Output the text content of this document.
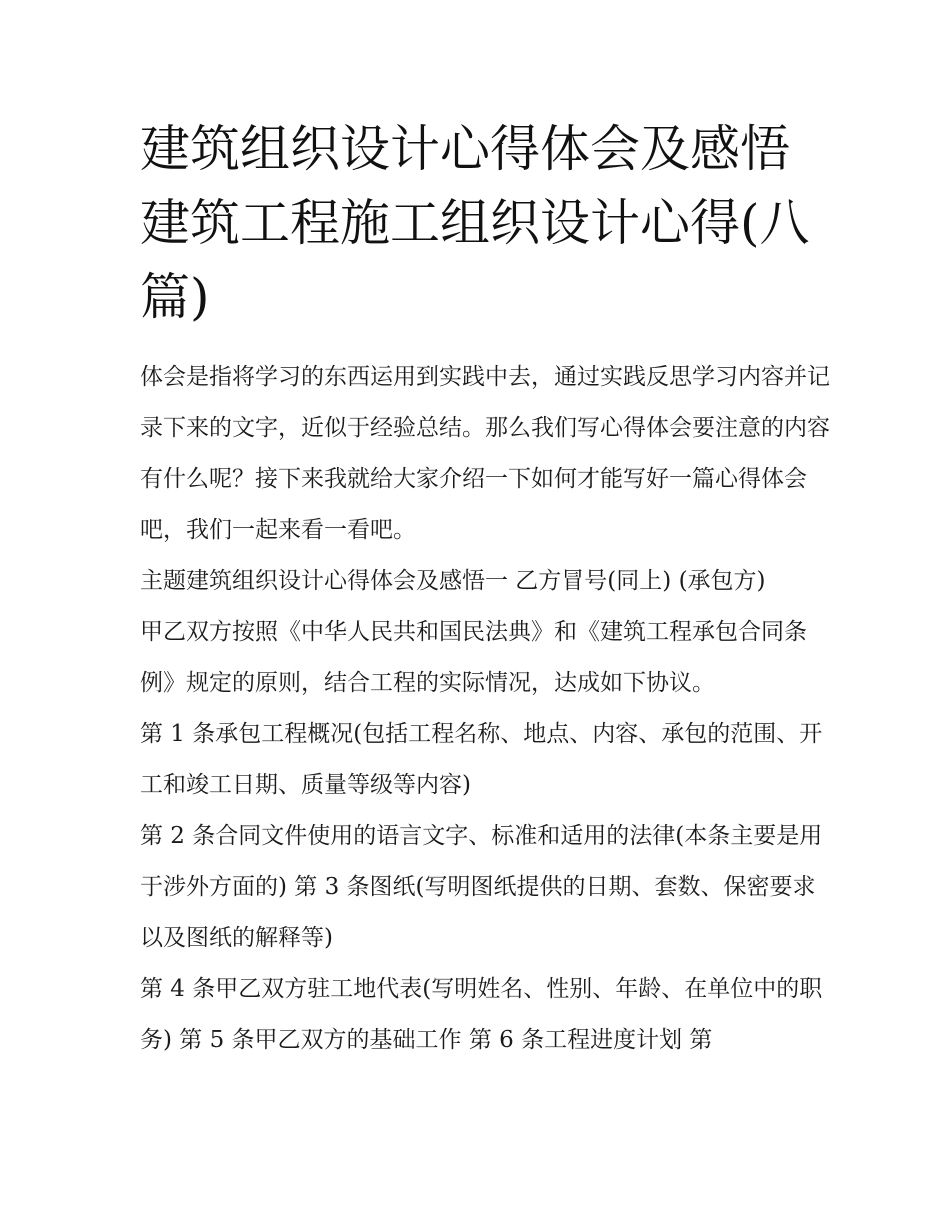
建筑组织设计心得体会及感悟建筑工程施工组织设计心得(八篇)

体会是指将学习的东西运用到实践中去，通过实践反思学习内容并记录下来的文字，近似于经验总结。那么我们写心得体会要注意的内容有什么呢？接下来我就给大家介绍一下如何才能写好一篇心得体会吧，我们一起来看一看吧。

主题建筑组织设计心得体会及感悟一 乙方冒号(同上) (承包方)

甲乙双方按照《中华人民共和国民法典》和《建筑工程承包合同条例》规定的原则，结合工程的实际情况，达成如下协议。

第 1 条承包工程概况(包括工程名称、地点、内容、承包的范围、开工和竣工日期、质量等级等内容)

第 2 条合同文件使用的语言文字、标准和适用的法律(本条主要是用于涉外方面的) 第 3 条图纸(写明图纸提供的日期、套数、保密要求以及图纸的解释等)

第 4 条甲乙双方驻工地代表(写明姓名、性别、年龄、在单位中的职务) 第 5 条甲乙双方的基础工作 第 6 条工程进度计划 第
